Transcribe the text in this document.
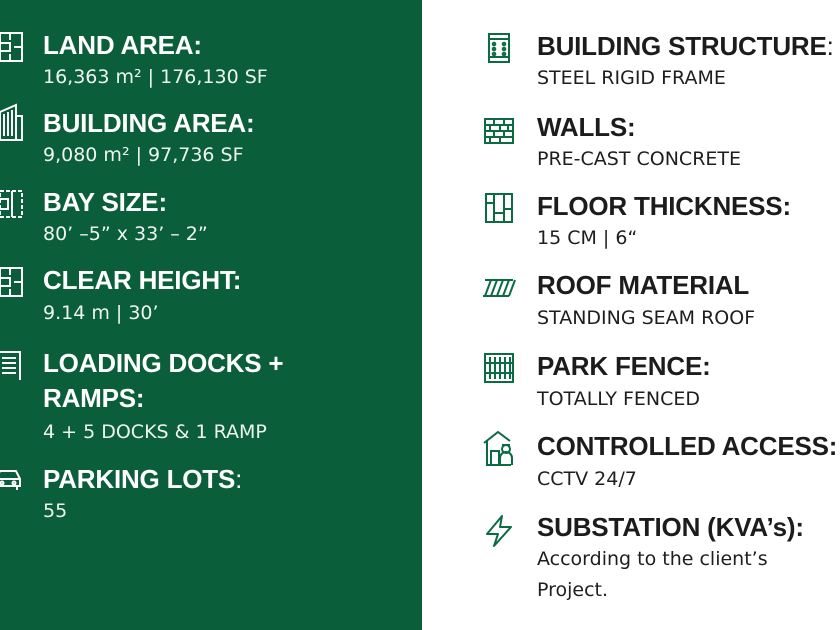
LAND AREA:
16,363 m² | 176,130 SF
BUILDING AREA:
9,080 m² | 97,736 SF
BAY SIZE:
80’ –5” x 33’ – 2”
CLEAR HEIGHT:
9.14 m | 30’
LOADING DOCKS +
RAMPS:
4 + 5 DOCKS & 1 RAMP
PARKING LOTS:
55
BUILDING STRUCTURE:
STEEL RIGID FRAME
WALLS:
PRE-CAST CONCRETE
FLOOR THICKNESS:
15 CM | 6“
ROOF MATERIAL
STANDING SEAM ROOF
PARK FENCE:
TOTALLY FENCED
CONTROLLED ACCESS:
CCTV 24/7
SUBSTATION (KVA’s):
According to the client’s
Project.
